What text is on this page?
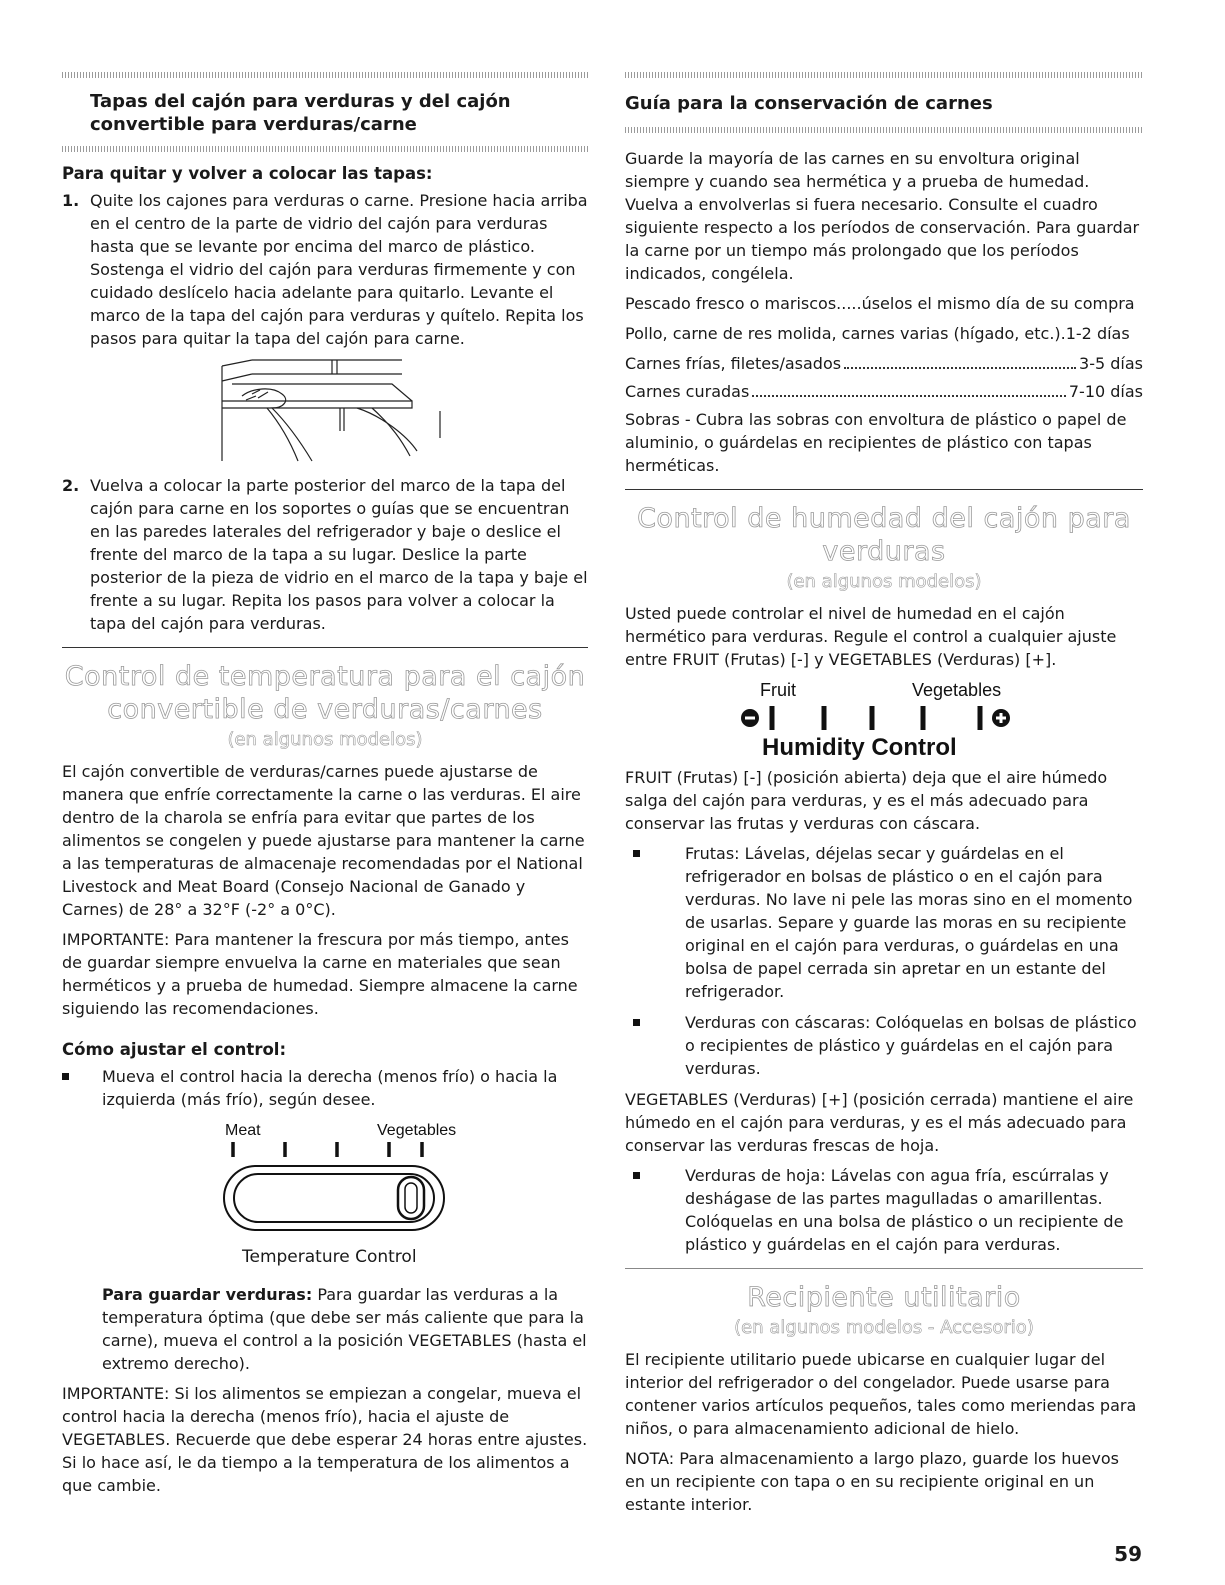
Tapas del cajón para verduras y del cajón convertible para verduras/carne
Para quitar y volver a colocar las tapas:
1. Quite los cajones para verduras o carne. Presione hacia arriba en el centro de la parte de vidrio del cajón para verduras hasta que se levante por encima del marco de plástico. Sostenga el vidrio del cajón para verduras firmemente y con cuidado deslícelo hacia adelante para quitarlo. Levante el marco de la tapa del cajón para verduras y quítelo. Repita los pasos para quitar la tapa del cajón para carne.
2. Vuelva a colocar la parte posterior del marco de la tapa del cajón para carne en los soportes o guías que se encuentran en las paredes laterales del refrigerador y baje o deslice el frente del marco de la tapa a su lugar. Deslice la parte posterior de la pieza de vidrio en el marco de la tapa y baje el frente a su lugar. Repita los pasos para volver a colocar la tapa del cajón para verduras.
Control de temperatura para el cajón
convertible de verduras/carnes
(en algunos modelos)

El cajón convertible de verduras/carnes puede ajustarse de manera que enfríe correctamente la carne o las verduras. El aire dentro de la charola se enfría para evitar que partes de los alimentos se congelen y puede ajustarse para mantener la carne a las temperaturas de almacenaje recomendadas por el National Livestock and Meat Board (Consejo Nacional de Ganado y Carnes) de 28° a 32°F (-2° a 0°C).

IMPORTANTE: Para mantener la frescura por más tiempo, antes de guardar siempre envuelva la carne en materiales que sean herméticos y a prueba de humedad. Siempre almacene la carne siguiendo las recomendaciones.

Cómo ajustar el control:
Mueva el control hacia la derecha (menos frío) o hacia la izquierda (más frío), según desee.
Meat	Vegetables
Temperature Control

Para guardar verduras: Para guardar las verduras a la temperatura óptima (que debe ser más caliente que para la carne), mueva el control a la posición VEGETABLES (hasta el extremo derecho).

IMPORTANTE: Si los alimentos se empiezan a congelar, mueva el control hacia la derecha (menos frío), hacia el ajuste de VEGETABLES. Recuerde que debe esperar 24 horas entre ajustes. Si lo hace así, le da tiempo a la temperatura de los alimentos a que cambie.

Guía para la conservación de carnes

Guarde la mayoría de las carnes en su envoltura original siempre y cuando sea hermética y a prueba de humedad. Vuelva a envolverlas si fuera necesario. Consulte el cuadro siguiente respecto a los períodos de conservación. Para guardar la carne por un tiempo más prolongado que los períodos indicados, congélela.

Pescado fresco o mariscos.....úselos el mismo día de su compra

Pollo, carne de res molida, carnes varias (hígado, etc.).1-2 días

Carnes frías, filetes/asados	3-5 días
Carnes curadas	7-10 días

Sobras - Cubra las sobras con envoltura de plástico o papel de aluminio, o guárdelas en recipientes de plástico con tapas herméticas.

Control de humedad del cajón para
verduras
(en algunos modelos)

Usted puede controlar el nivel de humedad en el cajón hermético para verduras. Regule el control a cualquier ajuste entre FRUIT (Frutas) [-] y VEGETABLES (Verduras) [+].

Fruit	Vegetables
Humidity Control

FRUIT (Frutas) [-] (posición abierta) deja que el aire húmedo salga del cajón para verduras, y es el más adecuado para conservar las frutas y verduras con cáscara.

Frutas: Lávelas, déjelas secar y guárdelas en el refrigerador en bolsas de plástico o en el cajón para verduras. No lave ni pele las moras sino en el momento de usarlas. Separe y guarde las moras en su recipiente original en el cajón para verduras, o guárdelas en una bolsa de papel cerrada sin apretar en un estante del refrigerador.
Verduras con cáscaras: Colóquelas en bolsas de plástico o recipientes de plástico y guárdelas en el cajón para verduras.

VEGETABLES (Verduras) [+] (posición cerrada) mantiene el aire húmedo en el cajón para verduras, y es el más adecuado para conservar las verduras frescas de hoja.

Verduras de hoja: Lávelas con agua fría, escúrralas y deshágase de las partes magulladas o amarillentas. Colóquelas en una bolsa de plástico o un recipiente de plástico y guárdelas en el cajón para verduras.
Recipiente utilitario
(en algunos modelos - Accesorio)

El recipiente utilitario puede ubicarse en cualquier lugar del interior del refrigerador o del congelador. Puede usarse para contener varios artículos pequeños, tales como meriendas para niños, o para almacenamiento adicional de hielo.

NOTA: Para almacenamiento a largo plazo, guarde los huevos en un recipiente con tapa o en su recipiente original en un estante interior.

59
